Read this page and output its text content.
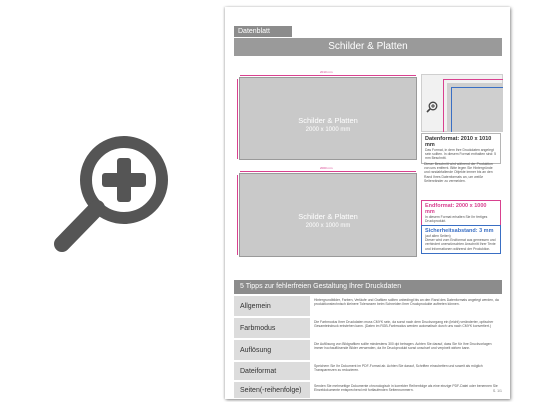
Datenblatt
Schilder & Platten
2010 mm
Schilder & Platten
2000 x 1000 mm
2000 mm
Schilder & Platten
2000 x 1000 mm
Datenformat: 2010 x 1010 mm
Das Format, in dem Ihre Druckdaten angelegt sein sollten. In diesem Format enthalten sind: 5 mm Beschnitt.
Dieser Beschnitt wird während der Produktion von uns entfernt. Bitte legen Sie Hintergründe und randabfallende Objekte immer bis an den Rand Ihres Datenformats an, um weiße Seitenränder zu vermeiden.
Endformat: 2000 x 1000 mm
In diesem Format erhalten Sie Ihr fertiges Druckprodukt.
Sicherheitsabstand: 3 mm
(auf allen Seiten)
Dieser wird vom Endformat aus gemessen und verhindert unerwünschten Anschnitt Ihrer Texte und Informationen während der Produktion.
5 Tipps zur fehlerfreien Gestaltung Ihrer Druckdaten
Allgemein
Hintergrundbilder, Farben, Verläufe und Grafiken sollten unbedingt bis an den Rand des Datenformats angelegt werden, da produktionstechnisch kleinere Toleranzen beim Schneiden Ihrer Druckprodukte auftreten können.
Farbmodus
Die Farbmodus Ihrer Druckdaten muss CMYK sein, da sonst nach dem Druckvorgang ein (leicht) veränderter, optischer Gesamteindruck entstehen kann. (Daten im RGB-Farbmodus werden automatisch durch uns nach CMYK konvertiert.)
Auflösung
Die Auflösung von Bildgrafiken sollte mindestens 300 dpi betragen. Achten Sie darauf, dass Sie für Ihre Druckvorlagen immer hochauflösende Bilder verwenden, da Ihr Druckprodukt sonst unscharf und verpixelt wirken kann.
Dateiformat
Speichern Sie Ihr Dokument im PDF-Format ab. Achten Sie darauf, Schriften einzubetten und soweit als möglich Transparenzen zu reduzieren.
Seiten(-reihenfolge)
Senden Sie mehrseitige Dokumente chronologisch in korrekter Reihenfolge als eine einzige PDF-Datei oder benennen Sie Einzeldokumente entsprechend mit fortlaufenden Seitennummern.	S. 1/1
